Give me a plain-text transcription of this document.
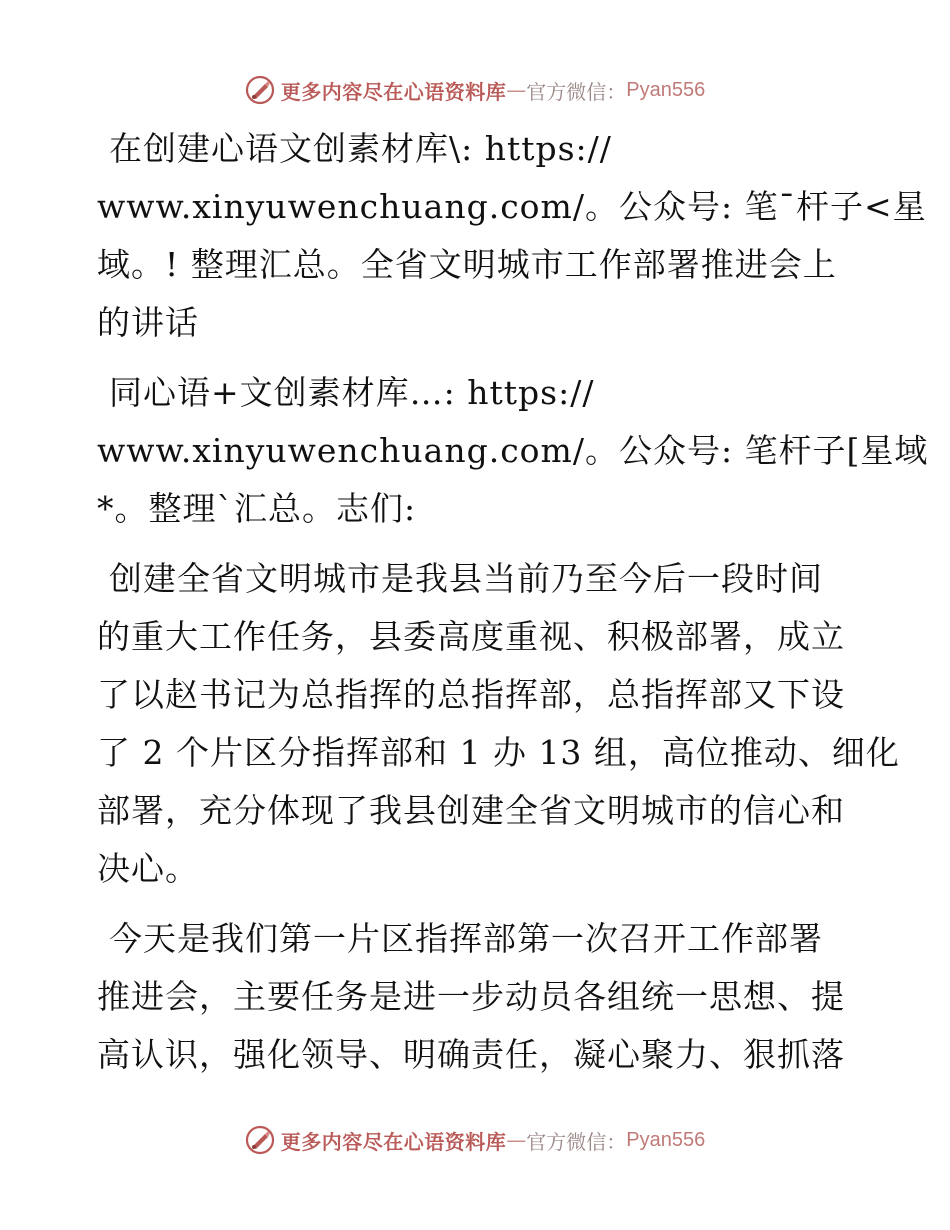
更多内容尽在心语资料库 — 官方微信： Pyan556
在创建心语文创素材库\: https://
www.xinyuwenchuang.com/。公众号: 笔¯杆子<星
域。! 整理汇总。全省文明城市工作部署推进会上
的讲话
同心语+文创素材库…: https://
www.xinyuwenchuang.com/。公众号: 笔杆子[星域
*。整理`汇总。志们:
创建全省文明城市是我县当前乃至今后一段时间
的重大工作任务，县委高度重视、积极部署，成立
了以赵书记为总指挥的总指挥部，总指挥部又下设
了 2 个片区分指挥部和 1 办 13 组，高位推动、细化
部署，充分体现了我县创建全省文明城市的信心和
决心。
今天是我们第一片区指挥部第一次召开工作部署
推进会，主要任务是进一步动员各组统一思想、提
高认识，强化领导、明确责任，凝心聚力、狠抓落
更多内容尽在心语资料库 — 官方微信： Pyan556
